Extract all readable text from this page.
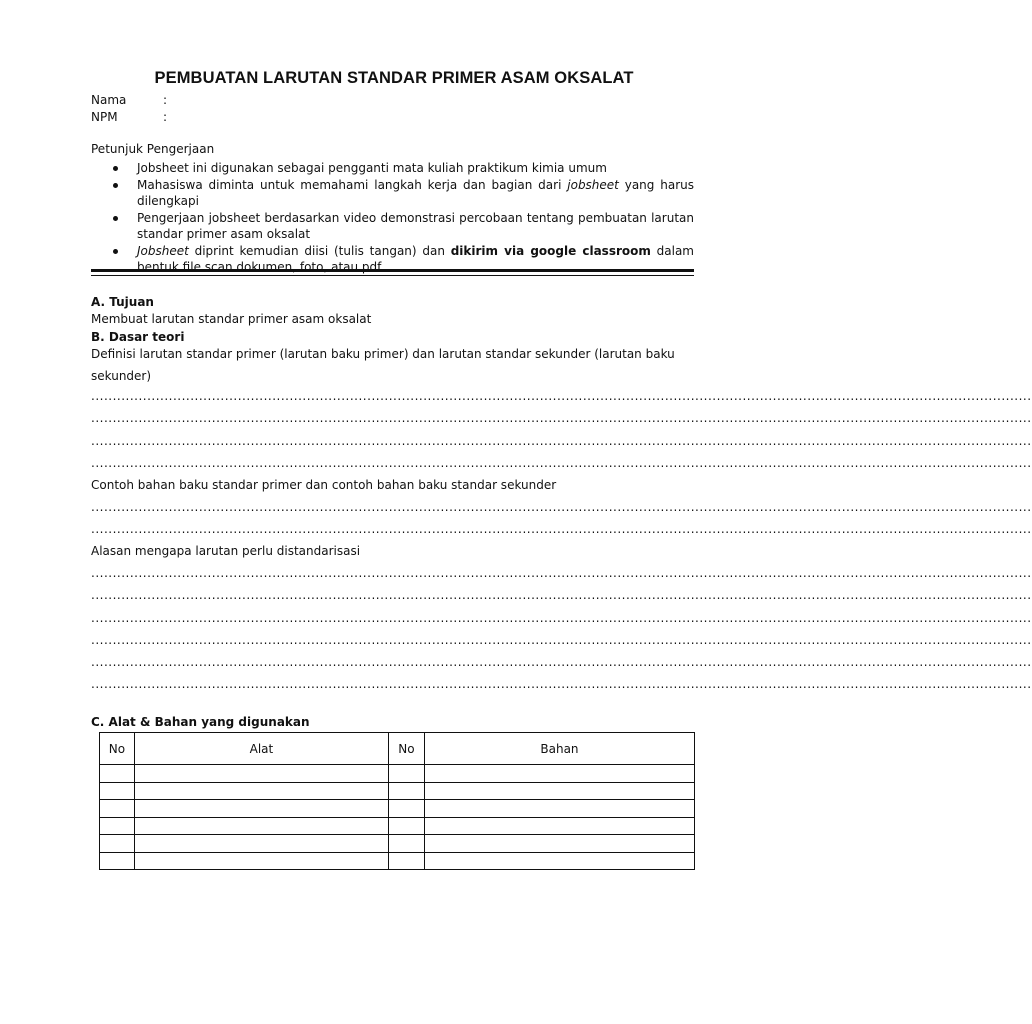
PEMBUATAN LARUTAN STANDAR PRIMER ASAM OKSALAT
Nama	:
NPM	:
Petunjuk Pengerjaan
Jobsheet ini digunakan sebagai pengganti mata kuliah praktikum kimia umum
Mahasiswa diminta untuk memahami langkah kerja dan bagian dari jobsheet yang harus dilengkapi
Pengerjaan jobsheet berdasarkan video demonstrasi percobaan tentang pembuatan larutan standar primer asam oksalat
Jobsheet diprint kemudian diisi (tulis tangan) dan dikirim via google classroom dalam bentuk file scan dokumen, foto, atau pdf
A. Tujuan
Membuat larutan standar primer asam oksalat
B. Dasar teori
Definisi larutan standar primer (larutan baku primer) dan larutan standar sekunder (larutan baku
sekunder)
..........................................................................................................................................................................................................................
..........................................................................................................................................................................................................................
..........................................................................................................................................................................................................................
..........................................................................................................................................................................................................................
Contoh bahan baku standar primer dan contoh bahan baku standar sekunder
..........................................................................................................................................................................................................................
..........................................................................................................................................................................................................................
Alasan mengapa larutan perlu distandarisasi
..........................................................................................................................................................................................................................
..........................................................................................................................................................................................................................
..........................................................................................................................................................................................................................
..........................................................................................................................................................................................................................
..........................................................................................................................................................................................................................
..........................................................................................................................................................................................................................
C. Alat & Bahan yang digunakan
No	Alat	No	Bahan
